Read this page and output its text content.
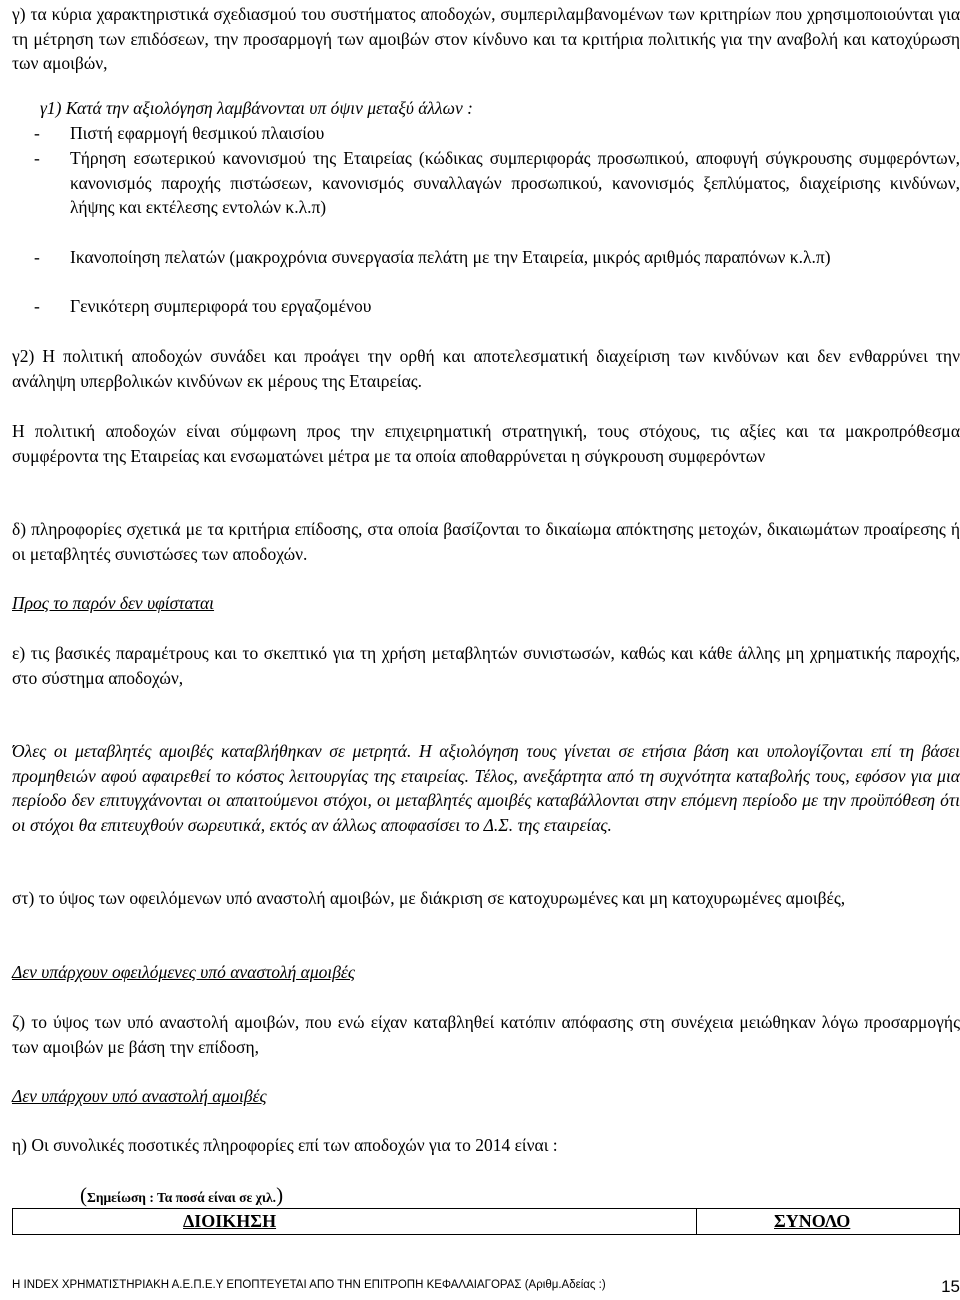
γ) τα κύρια χαρακτηριστικά σχεδιασμού του συστήματος αποδοχών, συμπεριλαμβανομένων των κριτηρίων που χρησιμοποιούνται για τη μέτρηση των επιδόσεων, την προσαρμογή των αμοιβών στον κίνδυνο και τα κριτήρια πολιτικής για την αναβολή και κατοχύρωση των αμοιβών,

γ1) Κατά την αξιολόγηση λαμβάνονται υπ όψιν μεταξύ άλλων :

- Πιστή εφαρμογή θεσμικού πλαισίου

- Τήρηση εσωτερικού κανονισμού της Εταιρείας (κώδικας συμπεριφοράς προσωπικού, αποφυγή σύγκρουσης συμφερόντων, κανονισμός παροχής πιστώσεων, κανονισμός συναλλαγών προσωπικού, κανονισμός ξεπλύματος, διαχείρισης κινδύνων, λήψης και εκτέλεσης εντολών κ.λ.π)

- Ικανοποίηση πελατών (μακροχρόνια συνεργασία πελάτη με την Εταιρεία, μικρός αριθμός παραπόνων κ.λ.π)

- Γενικότερη συμπεριφορά του εργαζομένου

γ2) Η πολιτική αποδοχών συνάδει και προάγει την ορθή και αποτελεσματική διαχείριση των κινδύνων και δεν ενθαρρύνει την ανάληψη υπερβολικών κινδύνων εκ μέρους της Εταιρείας.

Η πολιτική αποδοχών είναι σύμφωνη προς την επιχειρηματική στρατηγική, τους στόχους, τις αξίες και τα μακροπρόθεσμα συμφέροντα της Εταιρείας και ενσωματώνει μέτρα με τα οποία αποθαρρύνεται η σύγκρουση συμφερόντων

δ) πληροφορίες σχετικά με τα κριτήρια επίδοσης, στα οποία βασίζονται το δικαίωμα απόκτησης μετοχών, δικαιωμάτων προαίρεσης ή οι μεταβλητές συνιστώσες των αποδοχών.

Προς το παρόν δεν υφίσταται

ε) τις βασικές παραμέτρους και το σκεπτικό για τη χρήση μεταβλητών συνιστωσών, καθώς και κάθε άλλης μη χρηματικής παροχής, στο σύστημα αποδοχών,

Όλες οι μεταβλητές αμοιβές καταβλήθηκαν σε μετρητά. Η αξιολόγηση τους γίνεται σε ετήσια βάση και υπολογίζονται επί τη βάσει προμηθειών αφού αφαιρεθεί το κόστος λειτουργίας της εταιρείας. Τέλος, ανεξάρτητα από τη συχνότητα καταβολής τους, εφόσον για μια περίοδο δεν επιτυγχάνονται οι απαιτούμενοι στόχοι, οι μεταβλητές αμοιβές καταβάλλονται στην επόμενη περίοδο με την προϋπόθεση ότι οι στόχοι θα επιτευχθούν σωρευτικά, εκτός αν άλλως αποφασίσει το Δ.Σ. της εταιρείας.

στ) το ύψος των οφειλόμενων υπό αναστολή αμοιβών, με διάκριση σε κατοχυρωμένες και μη κατοχυρωμένες αμοιβές,

Δεν υπάρχουν οφειλόμενες υπό αναστολή αμοιβές

ζ) το ύψος των υπό αναστολή αμοιβών, που ενώ είχαν καταβληθεί κατόπιν απόφασης στη συνέχεια μειώθηκαν λόγω προσαρμογής των αμοιβών με βάση την επίδοση,

Δεν υπάρχουν υπό αναστολή αμοιβές

η) Οι συνολικές ποσοτικές πληροφορίες επί των αποδοχών για το 2014 είναι :

(Σημείωση : Τα ποσά είναι σε χιλ.)
ΔΙΟΙΚΗΣΗ	ΣΥΝΟΛΟ
Η INDEX ΧΡΗΜΑΤΙΣΤΗΡΙΑΚΗ Α.Ε.Π.Ε.Υ ΕΠΟΠΤΕΥΕΤΑΙ ΑΠΟ ΤΗΝ ΕΠΙΤΡΟΠΗ ΚΕΦΑΛΑΙΑΓΟΡΑΣ (Αριθμ.Αδείας :)	15
